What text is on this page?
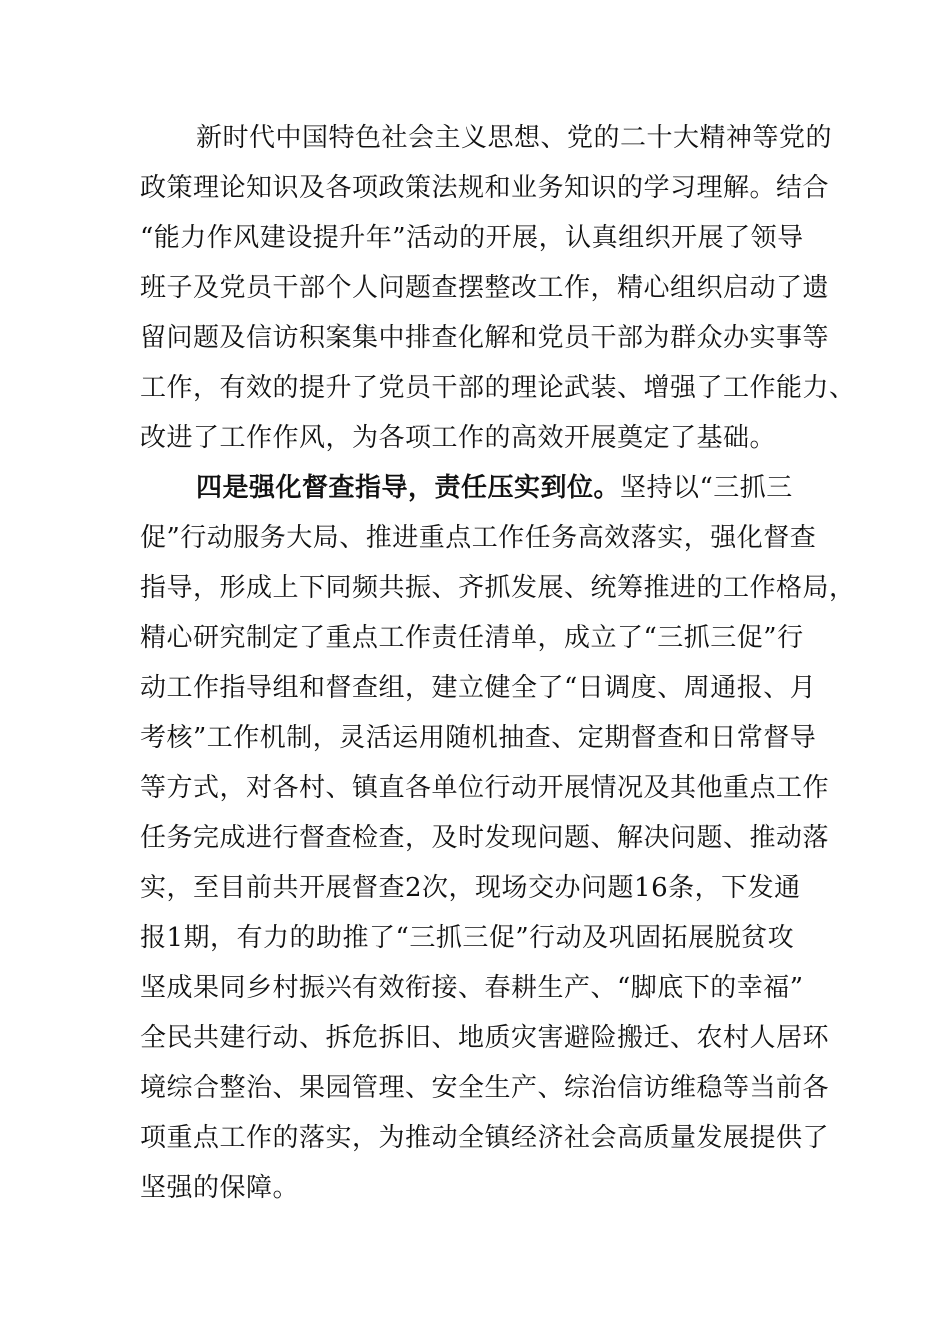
新时代中国特色社会主义思想、党的二十大精神等党的
政策理论知识及各项政策法规和业务知识的学习理解。结合
“能力作风建设提升年”活动的开展，认真组织开展了领导
班子及党员干部个人问题查摆整改工作，精心组织启动了遗
留问题及信访积案集中排查化解和党员干部为群众办实事等
工作，有效的提升了党员干部的理论武装、增强了工作能力、
改进了工作作风，为各项工作的高效开展奠定了基础。
四是强化督查指导，责任压实到位。坚持以“三抓三
促”行动服务大局、推进重点工作任务高效落实，强化督查
指导，形成上下同频共振、齐抓发展、统筹推进的工作格局，
精心研究制定了重点工作责任清单，成立了“三抓三促”行
动工作指导组和督查组，建立健全了“日调度、周通报、月
考核”工作机制，灵活运用随机抽查、定期督查和日常督导
等方式，对各村、镇直各单位行动开展情况及其他重点工作
任务完成进行督查检查，及时发现问题、解决问题、推动落
实，至目前共开展督查2次，现场交办问题16条，下发通
报1期，有力的助推了“三抓三促”行动及巩固拓展脱贫攻
坚成果同乡村振兴有效衔接、春耕生产、“脚底下的幸福”
全民共建行动、拆危拆旧、地质灾害避险搬迁、农村人居环
境综合整治、果园管理、安全生产、综治信访维稳等当前各
项重点工作的落实，为推动全镇经济社会高质量发展提供了
坚强的保障。
